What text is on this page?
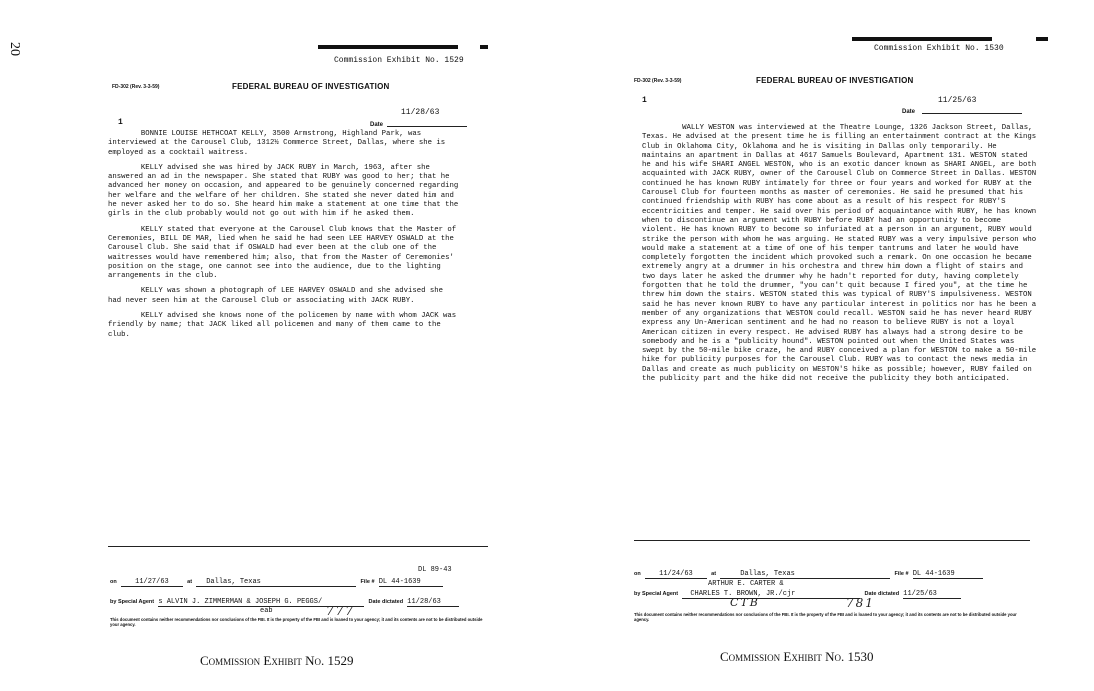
20
Commission Exhibit No. 1529
FD-302 (Rev. 3-3-59)	FEDERAL BUREAU OF INVESTIGATION
1
11/28/63
Date

BONNIE LOUISE HETHCOAT KELLY, 3500 Armstrong, Highland Park, was interviewed at the Carousel Club, 1312½ Commerce Street, Dallas, where she is employed as a cocktail waitress.

KELLY advised she was hired by JACK RUBY in March, 1963, after she answered an ad in the newspaper. She stated that RUBY was good to her; that he advanced her money on occasion, and appeared to be genuinely concerned regarding her welfare and the welfare of her children. She stated she never dated him and he never asked her to do so. She heard him make a statement at one time that the girls in the club probably would not go out with him if he asked them.

KELLY stated that everyone at the Carousel Club knows that the Master of Ceremonies, BILL DE MAR, lied when he said he had seen LEE HARVEY OSWALD at the Carousel Club. She said that if OSWALD had ever been at the club one of the waitresses would have remembered him; also, that from the Master of Ceremonies' position on the stage, one cannot see into the audience, due to the lighting arrangements in the club.

KELLY was shown a photograph of LEE HARVEY OSWALD and she advised she had never seen him at the Carousel Club or associating with JACK RUBY.

KELLY advised she knows none of the policemen by name with whom JACK was friendly by name; that JACK liked all policemen and many of them came to the club.

DL 89-43
on	11/27/63	at Dallas, Texas	File # DL 44-1639
by Special Agent s ALVIN J. ZIMMERMAN & JOSEPH G. PEGGS/	Date dictated 11/28/63
eab	777

This document contains neither recommendations nor conclusions of the FBI. It is the property of the FBI and is loaned to your agency; it and its contents are not to be distributed outside your agency.

Commission Exhibit No. 1529
Commission Exhibit No. 1530
FD-302 (Rev. 3-3-59)	FEDERAL BUREAU OF INVESTIGATION
1	11/25/63
Date

WALLY WESTON was interviewed at the Theatre Lounge, 1326 Jackson Street, Dallas, Texas. He advised at the present time he is filling an entertainment contract at the Kings Club in Oklahoma City, Oklahoma and he is visiting in Dallas only temporarily. He maintains an apartment in Dallas at 4617 Samuels Boulevard, Apartment 131. WESTON stated he and his wife SHARI ANGEL WESTON, who is an exotic dancer known as SHARI ANGEL, are both acquainted with JACK RUBY, owner of the Carousel Club on Commerce Street in Dallas. WESTON continued he has known RUBY intimately for three or four years and worked for RUBY at the Carousel Club for fourteen months as master of ceremonies. He said he presumed that his continued friendship with RUBY has come about as a result of his respect for RUBY'S eccentricities and temper. He said over his period of acquaintance with RUBY, he has known when to discontinue an argument with RUBY before RUBY had an opportunity to become violent. He has known RUBY to become so infuriated at a person in an argument, RUBY would strike the person with whom he was arguing. He stated RUBY was a very impulsive person who would make a statement at a time of one of his temper tantrums and later he would have completely forgotten the incident which provoked such a remark. On one occasion he became extremely angry at a drummer in his orchestra and threw him down a flight of stairs and two days later he asked the drummer why he hadn't reported for duty, having completely forgotten that he told the drummer, "you can't quit because I fired you", at the time he threw him down the stairs. WESTON stated this was typical of RUBY'S impulsiveness. WESTON said he has never known RUBY to have any particular interest in politics nor has he been a member of any organizations that WESTON could recall. WESTON said he has never heard RUBY express any Un-American sentiment and he had no reason to believe RUBY is not a loyal American citizen in every respect. He advised RUBY has always had a strong desire to be somebody and he is a "publicity hound". WESTON pointed out when the United States was swept by the 50-mile bike craze, he and RUBY conceived a plan for WESTON to make a 50-mile hike for publicity purposes for the Carousel Club. RUBY was to contact the news media in Dallas and create as much publicity on WESTON'S hike as possible; however, RUBY failed on the publicity part and the hike did not receive the publicity they both anticipated.

on	11/24/63	at	Dallas, Texas	File # DL 44-1639
ARTHUR E. CARTER &
by Special Agent CHARLES T. BROWN, JR./cjr	Date dictated 11/25/63
CTB	781

This document contains neither recommendations nor conclusions of the FBI. It is the property of the FBI and is loaned to your agency; it and its contents are not to be distributed outside your agency.

Commission Exhibit No. 1530
